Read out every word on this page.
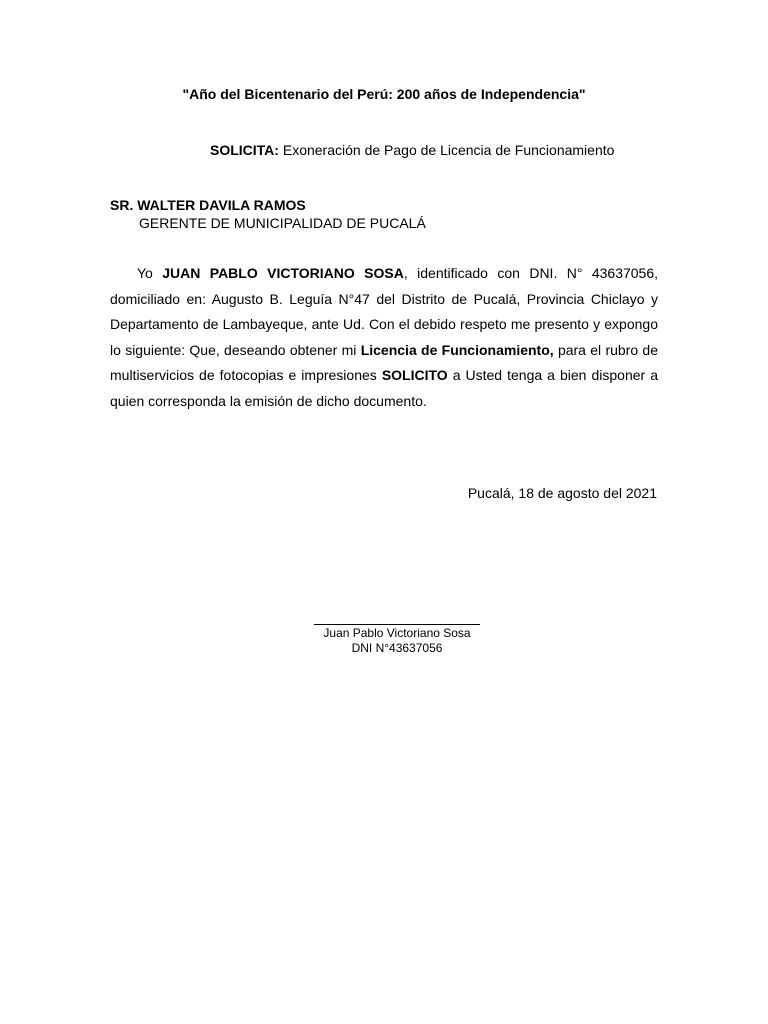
"Año del Bicentenario del Perú: 200 años de Independencia"
SOLICITA: Exoneración de Pago de Licencia de Funcionamiento
SR. WALTER DAVILA RAMOS
GERENTE DE MUNICIPALIDAD DE PUCALÁ
Yo JUAN PABLO VICTORIANO SOSA, identificado con DNI. N° 43637056, domiciliado en: Augusto B. Leguía N°47 del Distrito de Pucalá, Provincia Chiclayo y Departamento de Lambayeque, ante Ud. Con el debido respeto me presento y expongo lo siguiente: Que, deseando obtener mi Licencia de Funcionamiento, para el rubro de multiservicios de fotocopias e impresiones SOLICITO a Usted tenga a bien disponer a quien corresponda la emisión de dicho documento.
Pucalá, 18 de agosto del 2021
Juan Pablo Victoriano Sosa
DNI N°43637056
